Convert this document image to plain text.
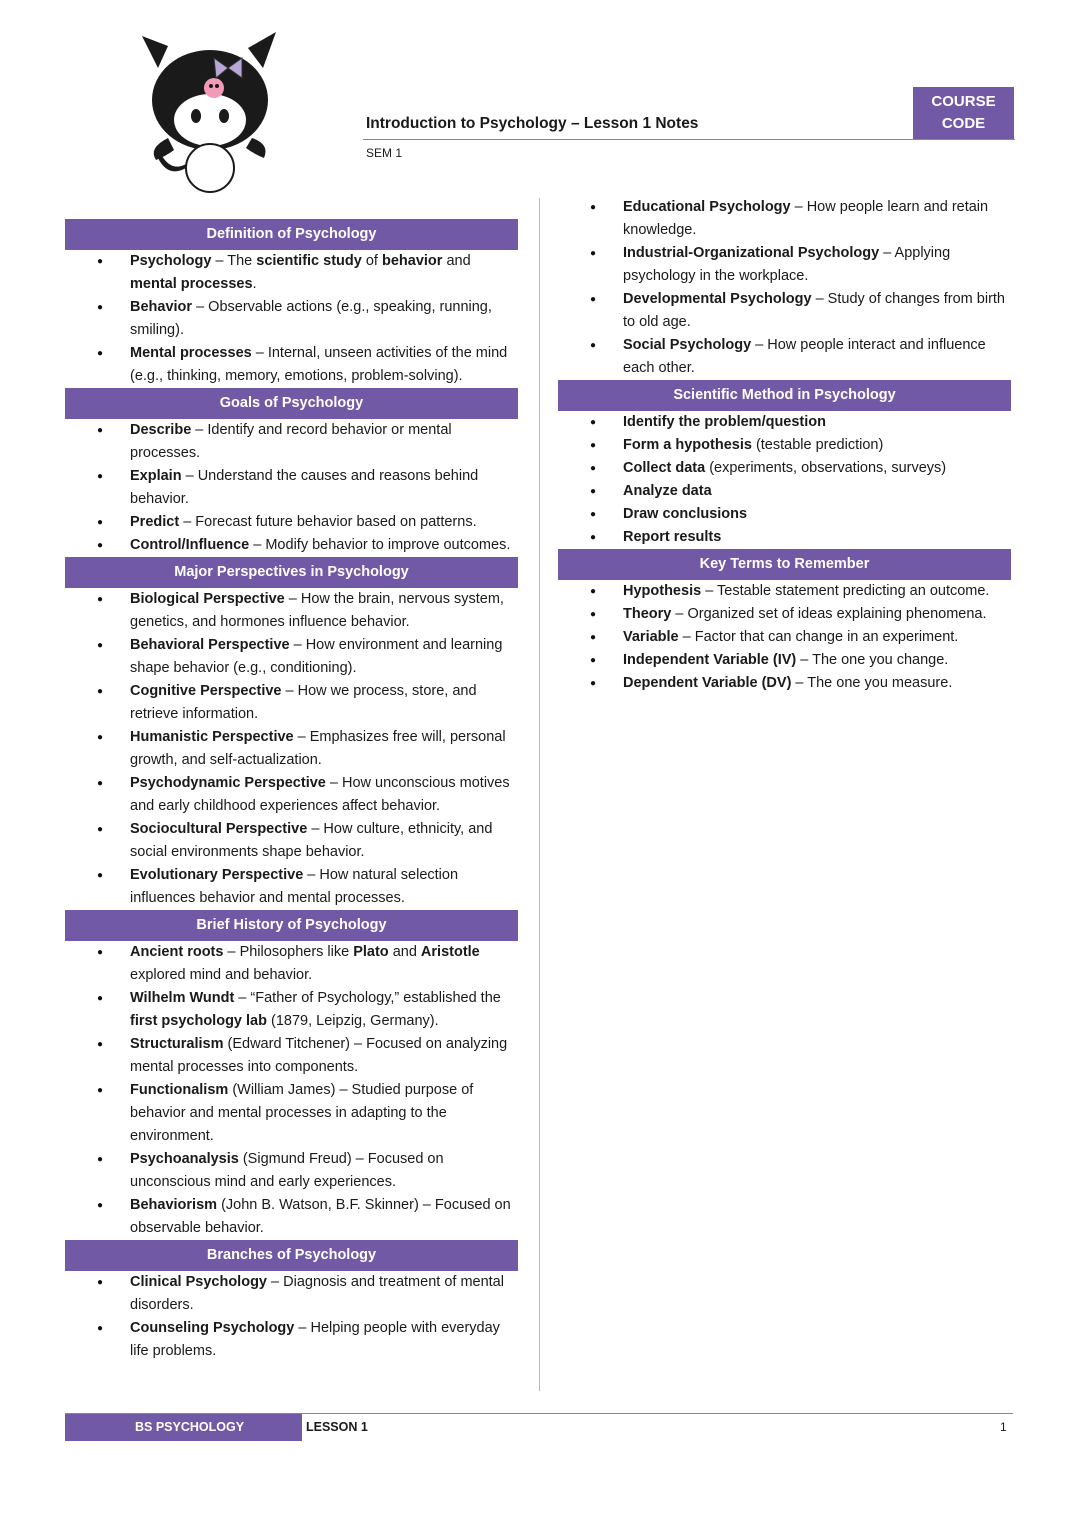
Introduction to Psychology – Lesson 1 Notes
SEM 1
COURSE
CODE
Definition of Psychology
● Psychology – The scientific study of behavior and mental processes.
● Behavior – Observable actions (e.g., speaking, running, smiling).
● Mental processes – Internal, unseen activities of the mind (e.g., thinking, memory, emotions, problem-solving).
Goals of Psychology
● Describe – Identify and record behavior or mental processes.
● Explain – Understand the causes and reasons behind behavior.
● Predict – Forecast future behavior based on patterns.
● Control/Influence – Modify behavior to improve outcomes.
Major Perspectives in Psychology
● Biological Perspective – How the brain, nervous system, genetics, and hormones influence behavior.
● Behavioral Perspective – How environment and learning shape behavior (e.g., conditioning).
● Cognitive Perspective – How we process, store, and retrieve information.
● Humanistic Perspective – Emphasizes free will, personal growth, and self-actualization.
● Psychodynamic Perspective – How unconscious motives and early childhood experiences affect behavior.
● Sociocultural Perspective – How culture, ethnicity, and social environments shape behavior.
● Evolutionary Perspective – How natural selection influences behavior and mental processes.
Brief History of Psychology
● Ancient roots – Philosophers like Plato and Aristotle explored mind and behavior.
● Wilhelm Wundt – “Father of Psychology,” established the first psychology lab (1879, Leipzig, Germany).
● Structuralism (Edward Titchener) – Focused on analyzing mental processes into components.
● Functionalism (William James) – Studied purpose of behavior and mental processes in adapting to the environment.
● Psychoanalysis (Sigmund Freud) – Focused on unconscious mind and early experiences.
● Behaviorism (John B. Watson, B.F. Skinner) – Focused on observable behavior.
Branches of Psychology
● Clinical Psychology – Diagnosis and treatment of mental disorders.
● Counseling Psychology – Helping people with everyday life problems.
● Educational Psychology – How people learn and retain knowledge.
● Industrial-Organizational Psychology – Applying psychology in the workplace.
● Developmental Psychology – Study of changes from birth to old age.
● Social Psychology – How people interact and influence each other.
Scientific Method in Psychology
● Identify the problem/question
● Form a hypothesis (testable prediction)
● Collect data (experiments, observations, surveys)
● Analyze data
● Draw conclusions
● Report results
Key Terms to Remember
● Hypothesis – Testable statement predicting an outcome.
● Theory – Organized set of ideas explaining phenomena.
● Variable – Factor that can change in an experiment.
● Independent Variable (IV) – The one you change.
● Dependent Variable (DV) – The one you measure.
BS PSYCHOLOGY	LESSON 1	1
